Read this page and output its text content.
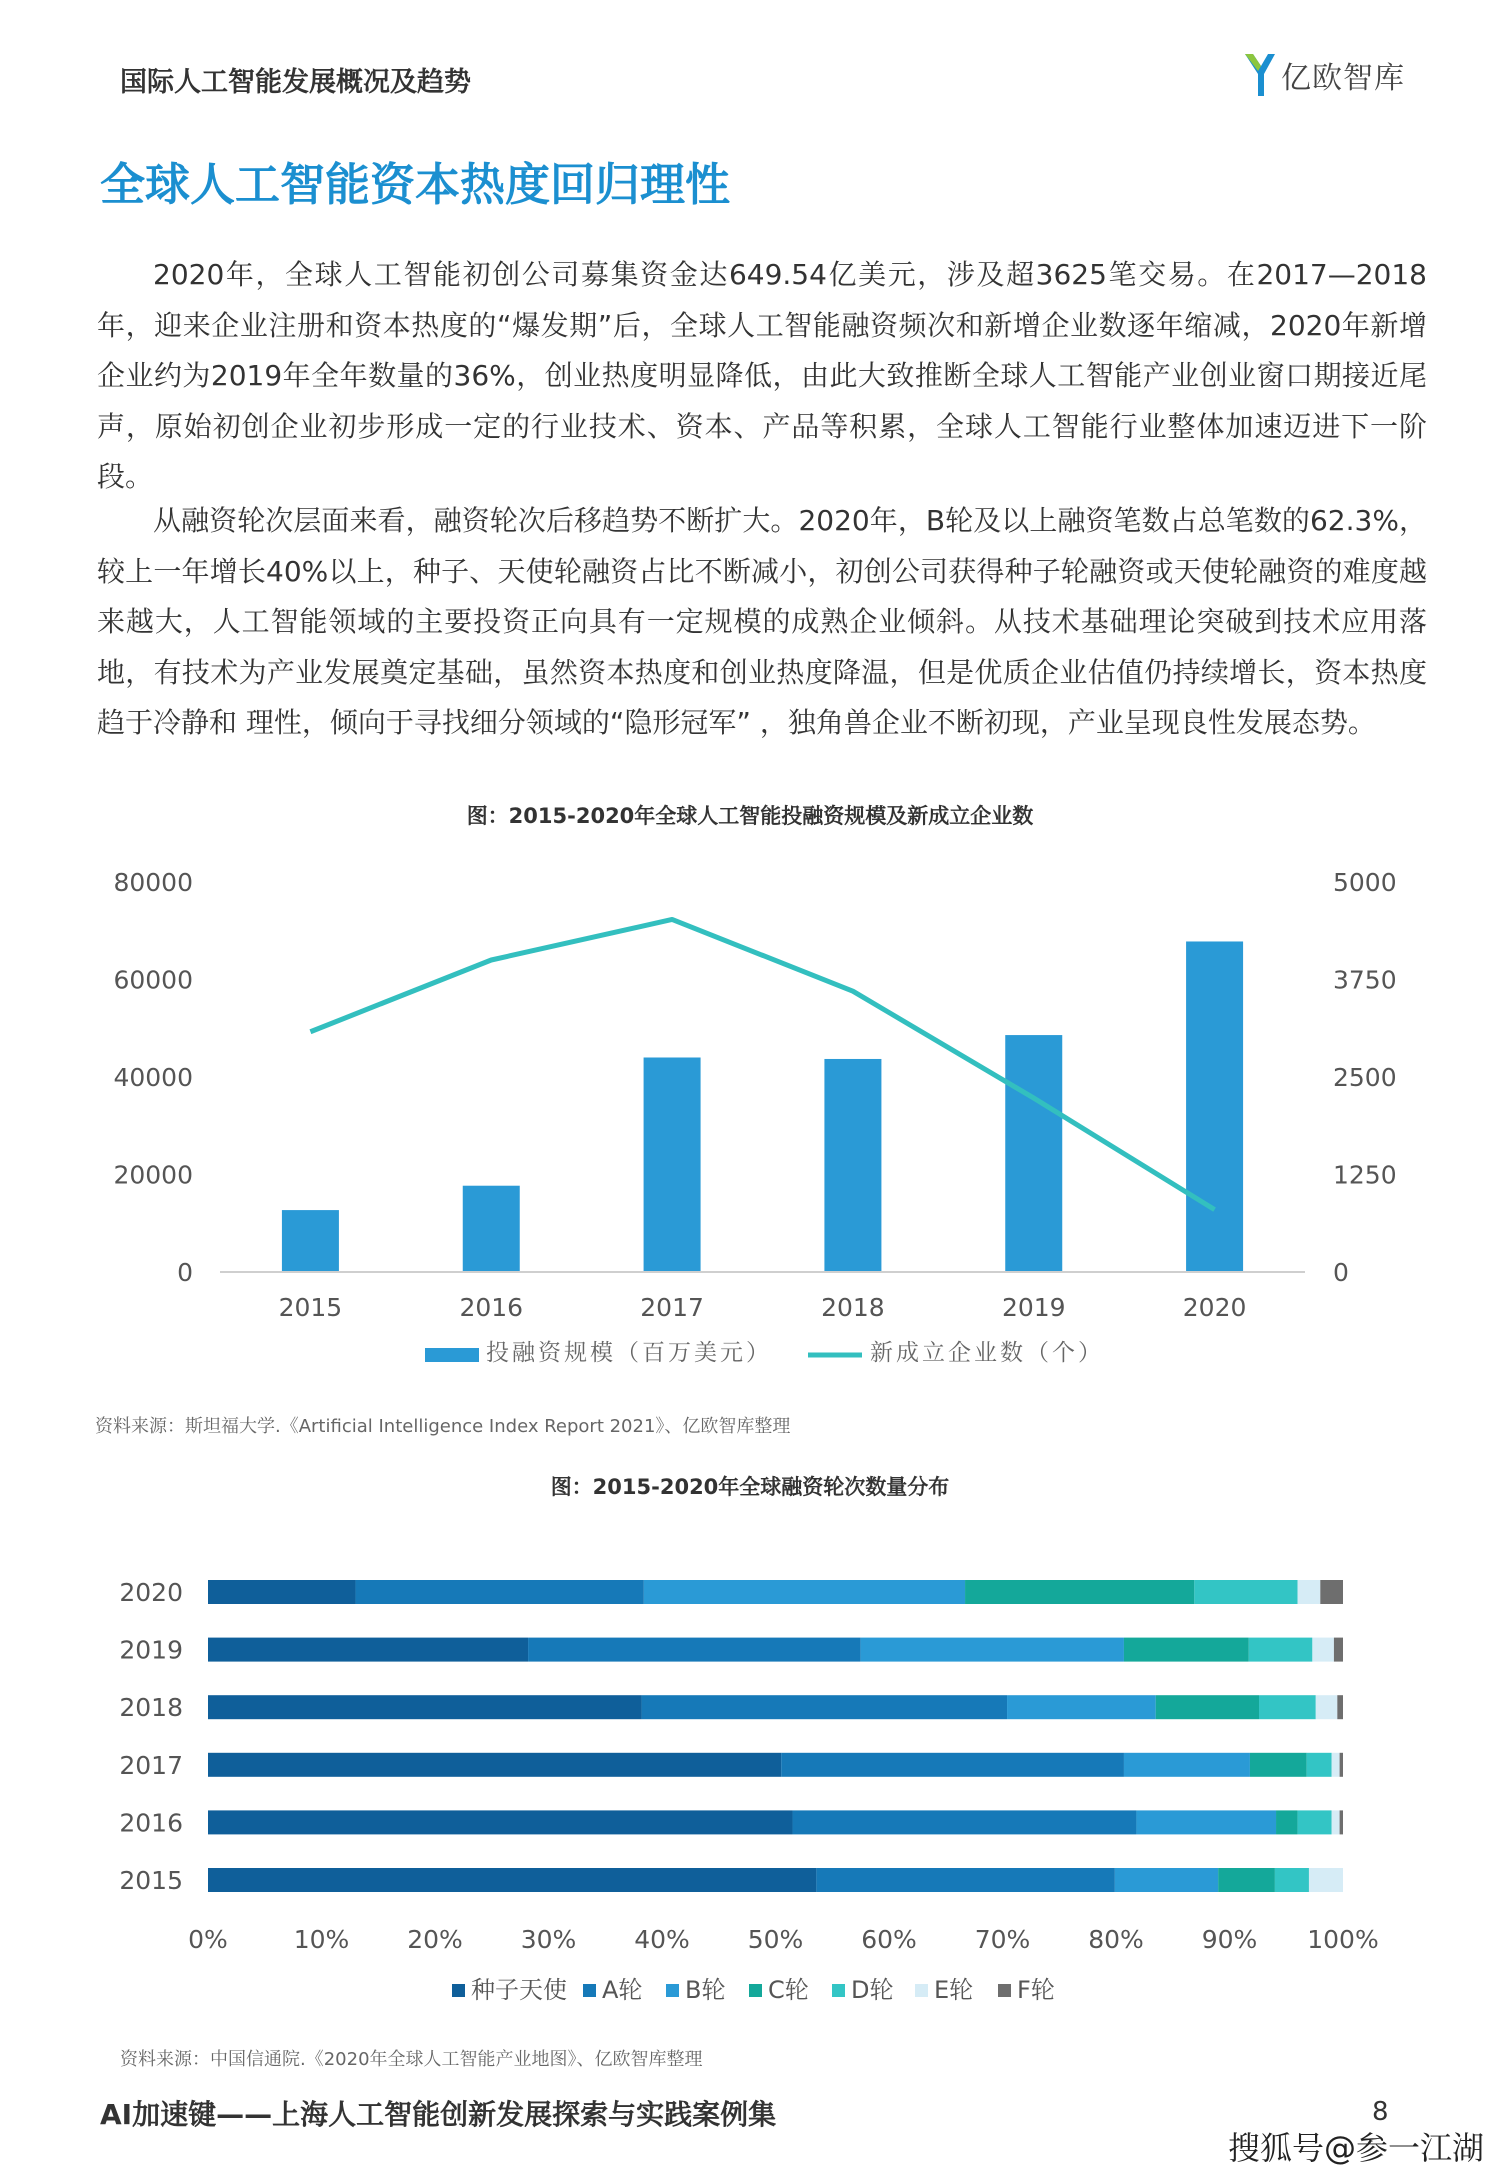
国际人工智能发展概况及趋势	亿欧智库
全球人工智能资本热度回归理性
2020年，全球人工智能初创公司募集资金达649.54亿美元，涉及超3625笔交易。在2017—2018年，迎来企业注册和资本热度的“爆发期”后，全球人工智能融资频次和新增企业数逐年缩减，2020年新增企业约为2019年全年数量的36%，创业热度明显降低，由此大致推断全球人工智能产业创业窗口期接近尾声，原始初创企业初步形成一定的行业技术、资本、产品等积累，全球人工智能行业整体加速迈进下一阶段。
从融资轮次层面来看，融资轮次后移趋势不断扩大。2020年，B轮及以上融资笔数占总笔数的62.3%，较上一年增长40%以上，种子、天使轮融资占比不断减小，初创公司获得种子轮融资或天使轮融资的难度越来越大，人工智能领域的主要投资正向具有一定规模的成熟企业倾斜。从技术基础理论突破到技术应用落地，有技术为产业发展奠定基础，虽然资本热度和创业热度降温，但是优质企业估值仍持续增长，资本热度趋于冷静和 理性，倾向于寻找细分领域的“隐形冠军” ，独角兽企业不断初现，产业呈现良性发展态势。
图：2015-2020年全球人工智能投融资规模及新成立企业数
2015	2016	2017	2018	2019	2020
0
20000
40000
60000
80000
0
1250
2500
3750
5000
投融资规模（百万美元）	新成立企业数（个）
资料来源：斯坦福大学.《Artificial Intelligence Index Report 2021》、亿欧智库整理
图：2015-2020年全球融资轮次数量分布
2020
2019
2018
2017
2016
2015
0%	10% 20% 30% 40% 50% 60% 70% 80% 90% 100%
种子天使 A轮 B轮 C轮 D轮 E轮 F轮
资料来源：中国信通院.《2020年全球人工智能产业地图》、亿欧智库整理
AI加速键——上海人工智能创新发展探索与实践案例集	8
搜狐号@参一江湖
